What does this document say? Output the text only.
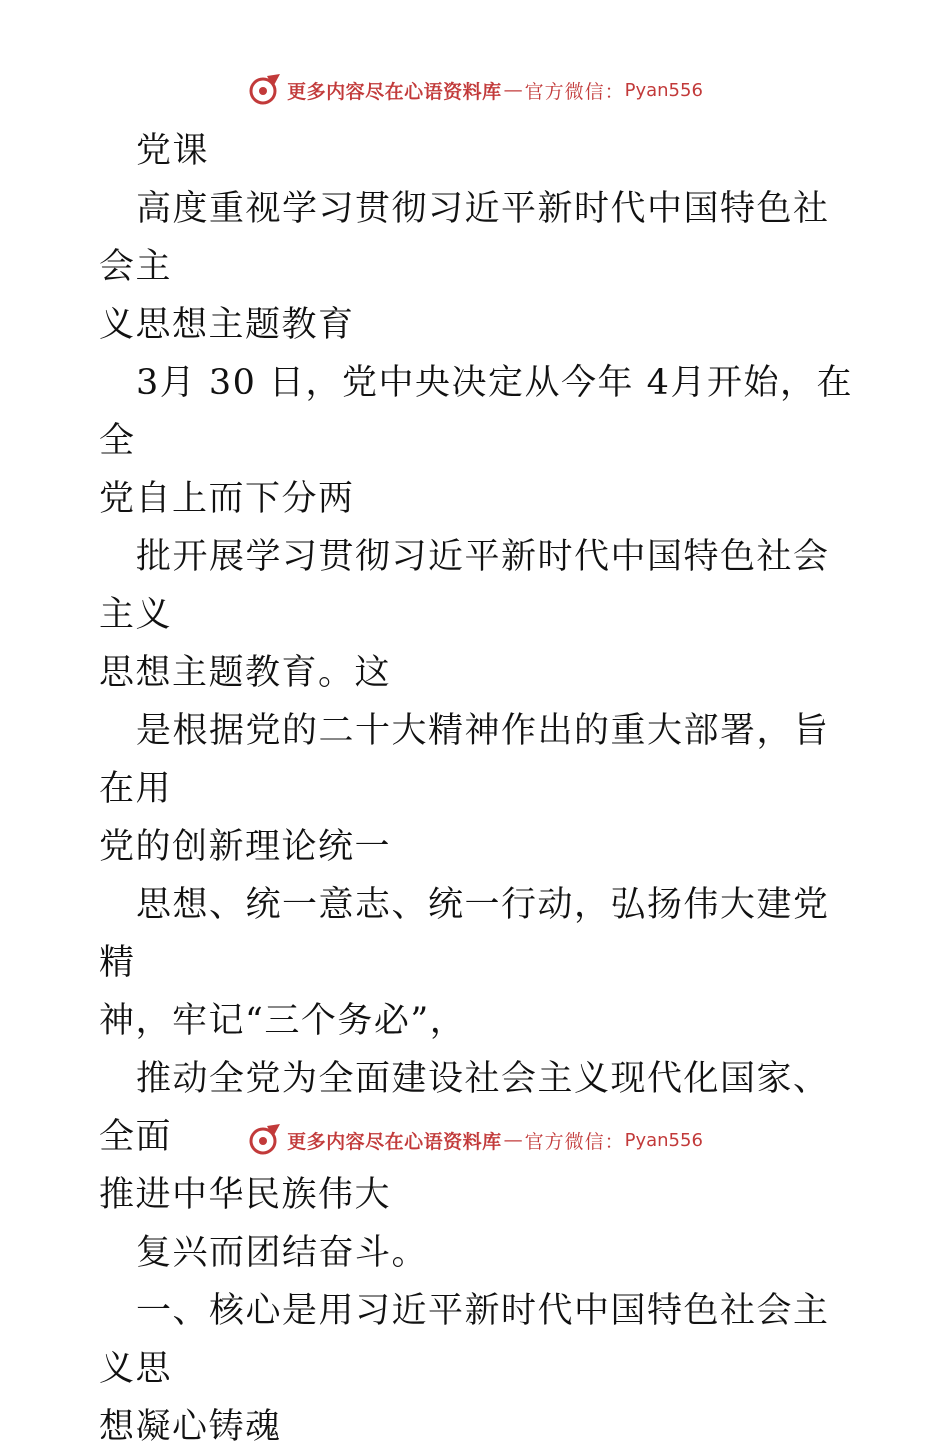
更多内容尽在心语资料库 — 官方微信： Pyan556

党课

高度重视学习贯彻习近平新时代中国特色社会主

义思想主题教育

3月 30 日，党中央决定从今年 4月开始，在全

党自上而下分两

批开展学习贯彻习近平新时代中国特色社会主义

思想主题教育。这

是根据党的二十大精神作出的重大部署，旨在用

党的创新理论统一

思想、统一意志、统一行动，弘扬伟大建党精

神，牢记“三个务必”，

推动全党为全面建设社会主义现代化国家、全面

推进中华民族伟大

复兴而团结奋斗。

一、核心是用习近平新时代中国特色社会主义思

想凝心铸魂

更多内容尽在心语资料库 — 官方微信： Pyan556
